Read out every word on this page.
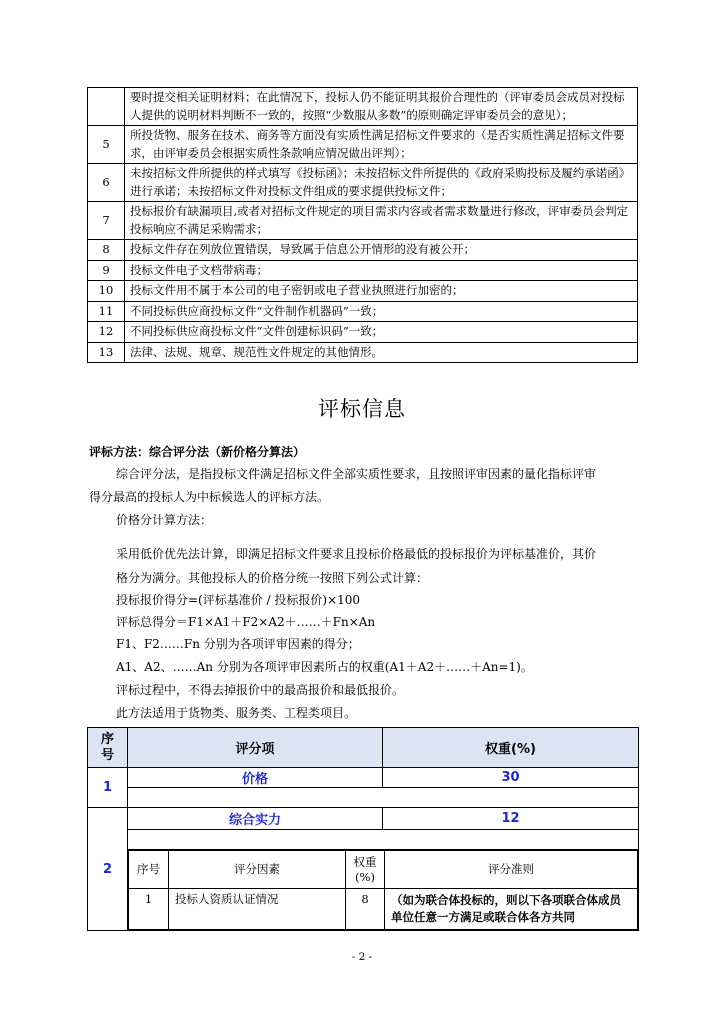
	要时提交相关证明材料；在此情况下，投标人仍不能证明其报价合理性的（评审委员会成员对投标人提供的说明材料判断不一致的，按照“少数服从多数”的原则确定评审委员会的意见）；
5	所投货物、服务在技术、商务等方面没有实质性满足招标文件要求的（是否实质性满足招标文件要求，由评审委员会根据实质性条款响应情况做出评判）；
6	未按招标文件所提供的样式填写《投标函》；未按招标文件所提供的《政府采购投标及履约承诺函》进行承诺；未按招标文件对投标文件组成的要求提供投标文件；
7	投标报价有缺漏项目,或者对招标文件规定的项目需求内容或者需求数量进行修改，评审委员会判定投标响应不满足采购需求；
8	投标文件存在列放位置错误，导致属于信息公开情形的没有被公开；
9	投标文件电子文档带病毒；
10	投标文件用不属于本公司的电子密钥或电子营业执照进行加密的；
11	不同投标供应商投标文件“文件制作机器码”一致；
12	不同投标供应商投标文件“文件创建标识码”一致；
13	法律、法规、规章、规范性文件规定的其他情形。
评标信息
评标方法：综合评分法（新价格分算法）
综合评分法，是指投标文件满足招标文件全部实质性要求，且按照评审因素的量化指标评审
得分最高的投标人为中标候选人的评标方法。
价格分计算方法：
采用低价优先法计算，即满足招标文件要求且投标价格最低的投标报价为评标基准价，其价
格分为满分。其他投标人的价格分统一按照下列公式计算：
投标报价得分=(评标基准价 / 投标报价)×100
评标总得分＝F1×A1＋F2×A2＋……＋Fn×An
F1、F2……Fn 分别为各项评审因素的得分；
A1、A2、……An 分别为各项评审因素所占的权重(A1＋A2＋……＋An=1)。
评标过程中，不得去掉报价中的最高报价和最低报价。
此方法适用于货物类、服务类、工程类项目。
序号	评分项	权重(%)
1	价格	30

2	综合实力	12

序号	评分因素	权重(%)	评分准则
1	投标人资质认证情况	8	（如为联合体投标的，则以下各项联合体成员单位任意一方满足或联合体各方共同
- 2 -
